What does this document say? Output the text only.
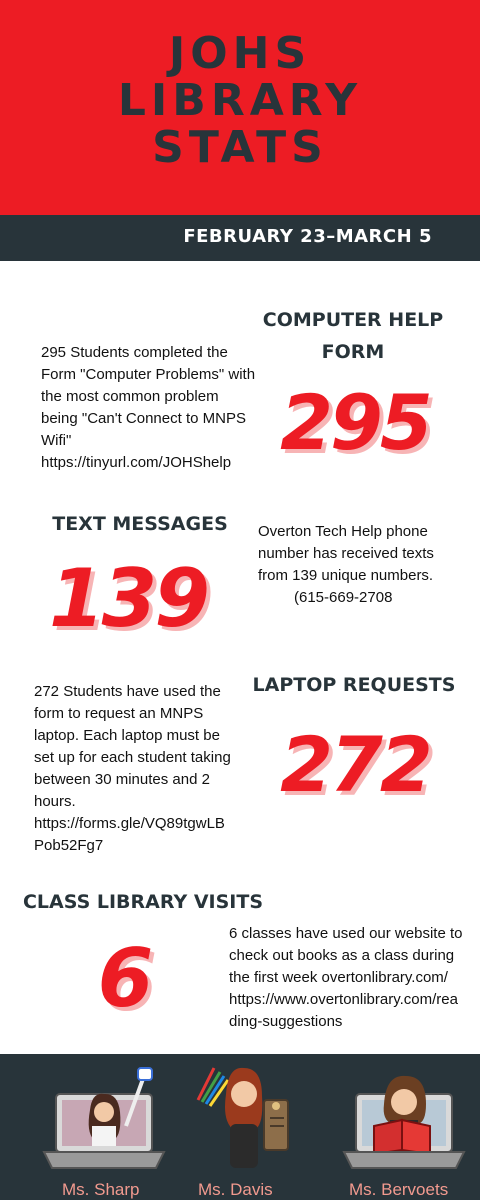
JOHS
LIBRARY
STATS
FEBRUARY 23–MARCH 5
COMPUTER HELP FORM
295

295 Students completed the Form "Computer Problems" with the most common problem being "Can't Connect to MNPS Wifi" https://tinyurl.com/JOHShelp

TEXT MESSAGES
139

Overton Tech Help phone number has received texts from 139 unique numbers.

(615-669-2708
LAPTOP REQUESTS
272

272 Students have used the form to request an MNPS laptop. Each laptop must be set up for each student taking between 30 minutes and 2 hours. https://forms.gle/VQ89tgwLBPob52Fg7

CLASS LIBRARY VISITS
6	6 classes have used our website to check out books as a class during the first week overtonlibrary.com/ https://www.overtonlibrary.com/reading-suggestions

Ms. Sharp	Ms. Davis	Ms. Bervoets
